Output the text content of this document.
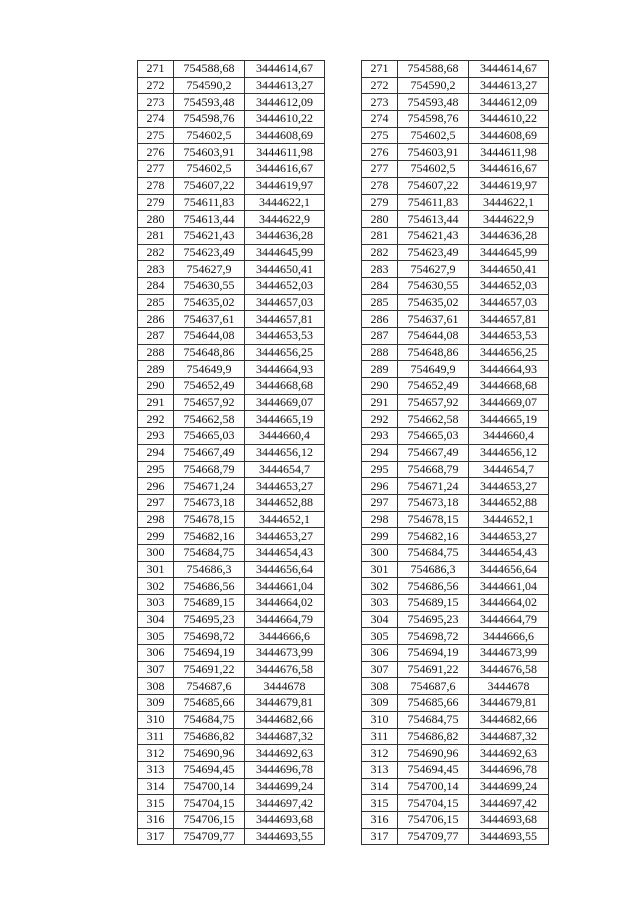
271	754588,68	3444614,67
272	754590,2	3444613,27
273	754593,48	3444612,09
274	754598,76	3444610,22
275	754602,5	3444608,69
276	754603,91	3444611,98
277	754602,5	3444616,67
278	754607,22	3444619,97
279	754611,83	3444622,1
280	754613,44	3444622,9
281	754621,43	3444636,28
282	754623,49	3444645,99
283	754627,9	3444650,41
284	754630,55	3444652,03
285	754635,02	3444657,03
286	754637,61	3444657,81
287	754644,08	3444653,53
288	754648,86	3444656,25
289	754649,9	3444664,93
290	754652,49	3444668,68
291	754657,92	3444669,07
292	754662,58	3444665,19
293	754665,03	3444660,4
294	754667,49	3444656,12
295	754668,79	3444654,7
296	754671,24	3444653,27
297	754673,18	3444652,88
298	754678,15	3444652,1
299	754682,16	3444653,27
300	754684,75	3444654,43
301	754686,3	3444656,64
302	754686,56	3444661,04
303	754689,15	3444664,02
304	754695,23	3444664,79
305	754698,72	3444666,6
306	754694,19	3444673,99
307	754691,22	3444676,58
308	754687,6	3444678
309	754685,66	3444679,81
310	754684,75	3444682,66
311	754686,82	3444687,32
312	754690,96	3444692,63
313	754694,45	3444696,78
314	754700,14	3444699,24
315	754704,15	3444697,42
316	754706,15	3444693,68
317	754709,77	3444693,55
271	754588,68	3444614,67
272	754590,2	3444613,27
273	754593,48	3444612,09
274	754598,76	3444610,22
275	754602,5	3444608,69
276	754603,91	3444611,98
277	754602,5	3444616,67
278	754607,22	3444619,97
279	754611,83	3444622,1
280	754613,44	3444622,9
281	754621,43	3444636,28
282	754623,49	3444645,99
283	754627,9	3444650,41
284	754630,55	3444652,03
285	754635,02	3444657,03
286	754637,61	3444657,81
287	754644,08	3444653,53
288	754648,86	3444656,25
289	754649,9	3444664,93
290	754652,49	3444668,68
291	754657,92	3444669,07
292	754662,58	3444665,19
293	754665,03	3444660,4
294	754667,49	3444656,12
295	754668,79	3444654,7
296	754671,24	3444653,27
297	754673,18	3444652,88
298	754678,15	3444652,1
299	754682,16	3444653,27
300	754684,75	3444654,43
301	754686,3	3444656,64
302	754686,56	3444661,04
303	754689,15	3444664,02
304	754695,23	3444664,79
305	754698,72	3444666,6
306	754694,19	3444673,99
307	754691,22	3444676,58
308	754687,6	3444678
309	754685,66	3444679,81
310	754684,75	3444682,66
311	754686,82	3444687,32
312	754690,96	3444692,63
313	754694,45	3444696,78
314	754700,14	3444699,24
315	754704,15	3444697,42
316	754706,15	3444693,68
317	754709,77	3444693,55
